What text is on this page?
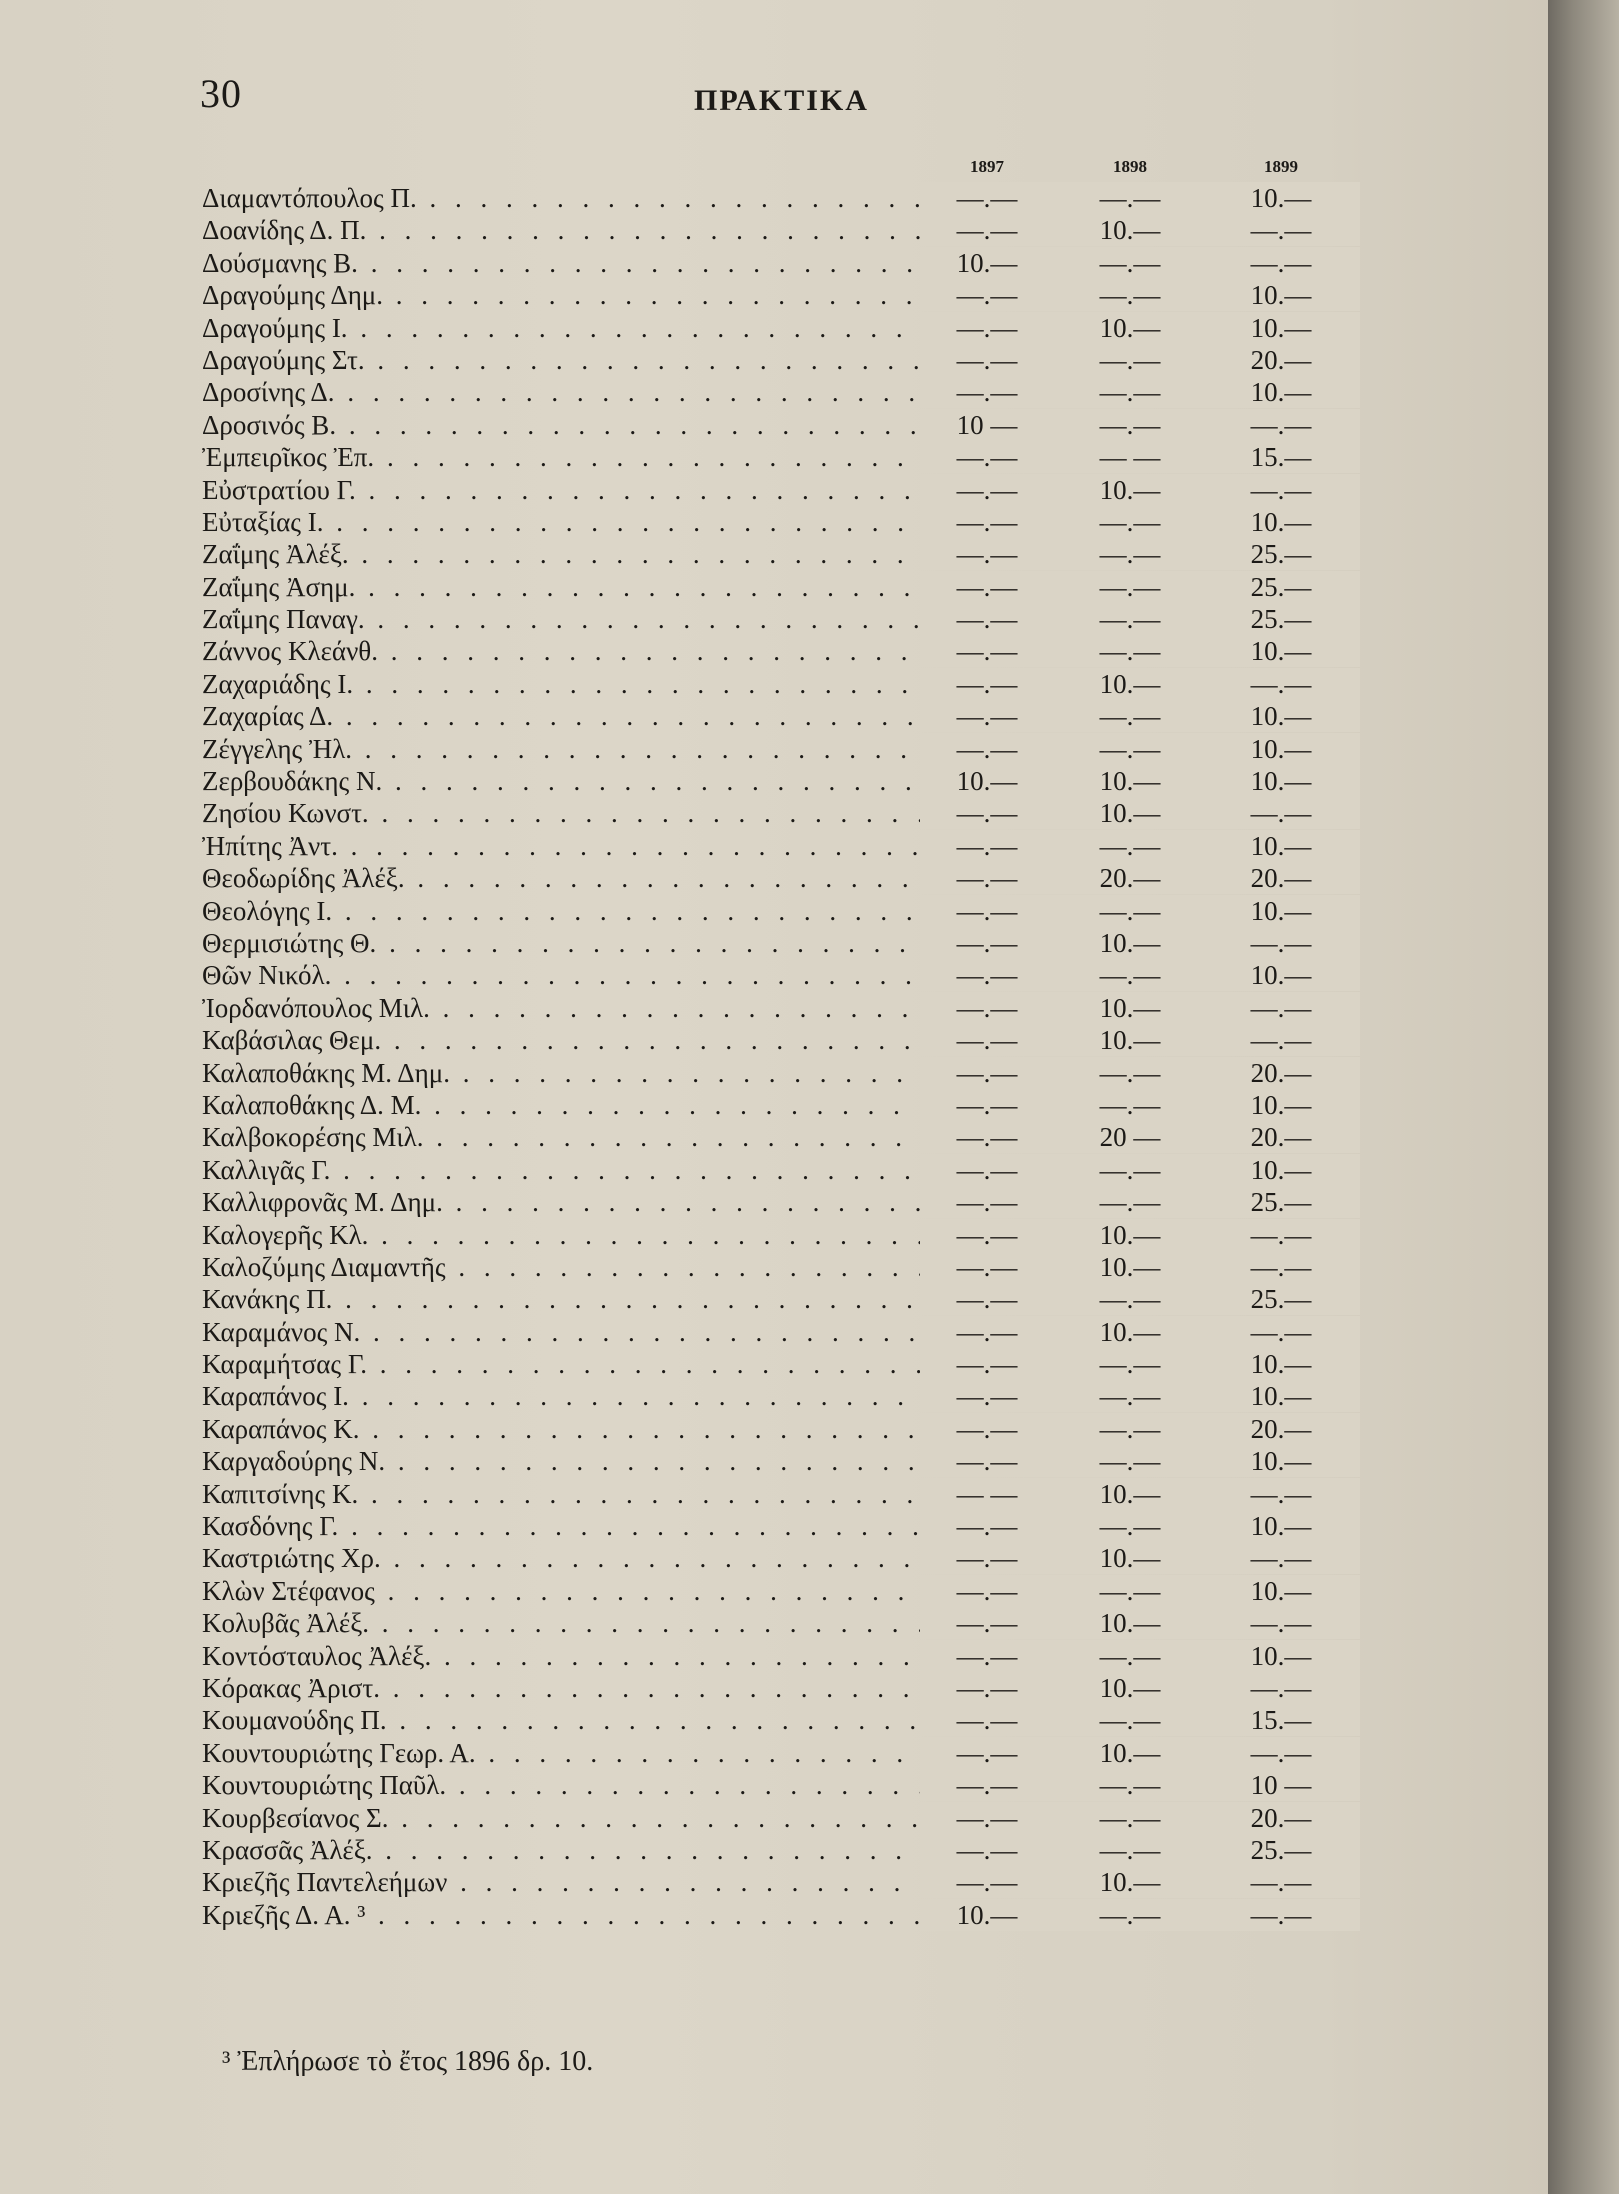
30	ΠΡΑΚΤΙΚΑ
1897	1898	1899
Διαμαντόπουλος Π. . . .	—.—	—.—	10.—
Δοανίδης Δ. Π. . . .	—.—	10.—	—.—
Δούσμανης Β. . . .	10.—	—.—	—.—
Δραγούμης Δημ. . . .	—.—	—.—	10.—
Δραγούμης Ι. . . .	—.—	10.—	10.—
Δραγούμης Στ. . . .	—.—	—.—	20.—
Δροσίνης Δ. . . .	—.—	—.—	10.—
Δροσινός Β. . . .	10 —	—.—	—.—
Ἐμπειρῖκος Ἐπ. . . .	—.—	— —	15.—
Εὐστρατίου Γ. . . .	—.—	10.—	—.—
Εὐταξίας Ι. . . .	—.—	—.—	10.—
Ζαΐμης Ἀλέξ. . . .	—.—	—.—	25.—
Ζαΐμης Ἀσημ. . . .	—.—	—.—	25.—
Ζαΐμης Παναγ. . . .	—.—	—.—	25.—
Ζάννος Κλεάνθ. . . .	—.—	—.—	10.—
Ζαχαριάδης Ι. . . .	—.—	10.—	—.—
Ζαχαρίας Δ. . . .	—.—	—.—	10.—
Ζέγγελης Ἠλ. . . .	—.—	—.—	10.—
Ζερβουδάκης Ν. . . .	10.—	10.—	10.—
Ζησίου Κωνστ. . . .	—.—	10.—	—.—
Ἠπίτης Ἀντ. . . .	—.—	—.—	10.—
Θεοδωρίδης Ἀλέξ. . . .	—.—	20.—	20.—
Θεολόγης Ι. . . .	—.—	—.—	10.—
Θερμισιώτης Θ. . . .	—.—	10.—	—.—
Θῶν Νικόλ. . . .	—.—	—.—	10.—
Ἰορδανόπουλος Μιλ. . . .	—.—	10.—	—.—
Καβάσιλας Θεμ. . . .	—.—	10.—	—.—
Καλαποθάκης Μ. Δημ. . . .	—.—	—.—	20.—
Καλαποθάκης Δ. Μ. . . .	—.—	—.—	10.—
Καλβοκορέσης Μιλ. . . .	—.—	20 —	20.—
Καλλιγᾶς Γ. . . .	—.—	—.—	10.—
Καλλιφρονᾶς Μ. Δημ. . . .	—.—	—.—	25.—
Καλογερῆς Κλ. . . .	—.—	10.—	—.—
Καλοζύμης Διαμαντῆς . . .	—.—	10.—	—.—
Κανάκης Π. . . .	—.—	—.—	25.—
Καραμάνος Ν. . . .	—.—	10.—	—.—
Καραμήτσας Γ. . . .	—.—	—.—	10.—
Καραπάνος Ι. . . .	—.—	—.—	10.—
Καραπάνος Κ. . . .	—.—	—.—	20.—
Καργαδούρης Ν. . . .	—.—	—.—	10.—
Καπιτσίνης Κ. . . .	— —	10.—	—.—
Κασδόνης Γ. . . .	—.—	—.—	10.—
Καστριώτης Χρ. . . .	—.—	10.—	—.—
Κλὼν Στέφανος . . .	—.—	—.—	10.—
Κολυβᾶς Ἀλέξ. . . .	—.—	10.—	—.—
Κοντόσταυλος Ἀλέξ. . . .	—.—	—.—	10.—
Κόρακας Ἀριστ. . . .	—.—	10.—	—.—
Κουμανούδης Π. . . .	—.—	—.—	15.—
Κουντουριώτης Γεωρ. Α. . . .	—.—	10.—	—.—
Κουντουριώτης Παῦλ. . . .	—.—	—.—	10 —
Κουρβεσίανος Σ. . . .	—.—	—.—	20.—
Κρασσᾶς Ἀλέξ. . . .	—.—	—.—	25.—
Κριεζῆς Παντελεήμων . . .	—.—	10.—	—.—
Κριεζῆς Δ. Α. ³ . . .	10.—	—.—	—.—
³ Ἐπλήρωσε τὸ ἔτος 1896 δρ. 10.
